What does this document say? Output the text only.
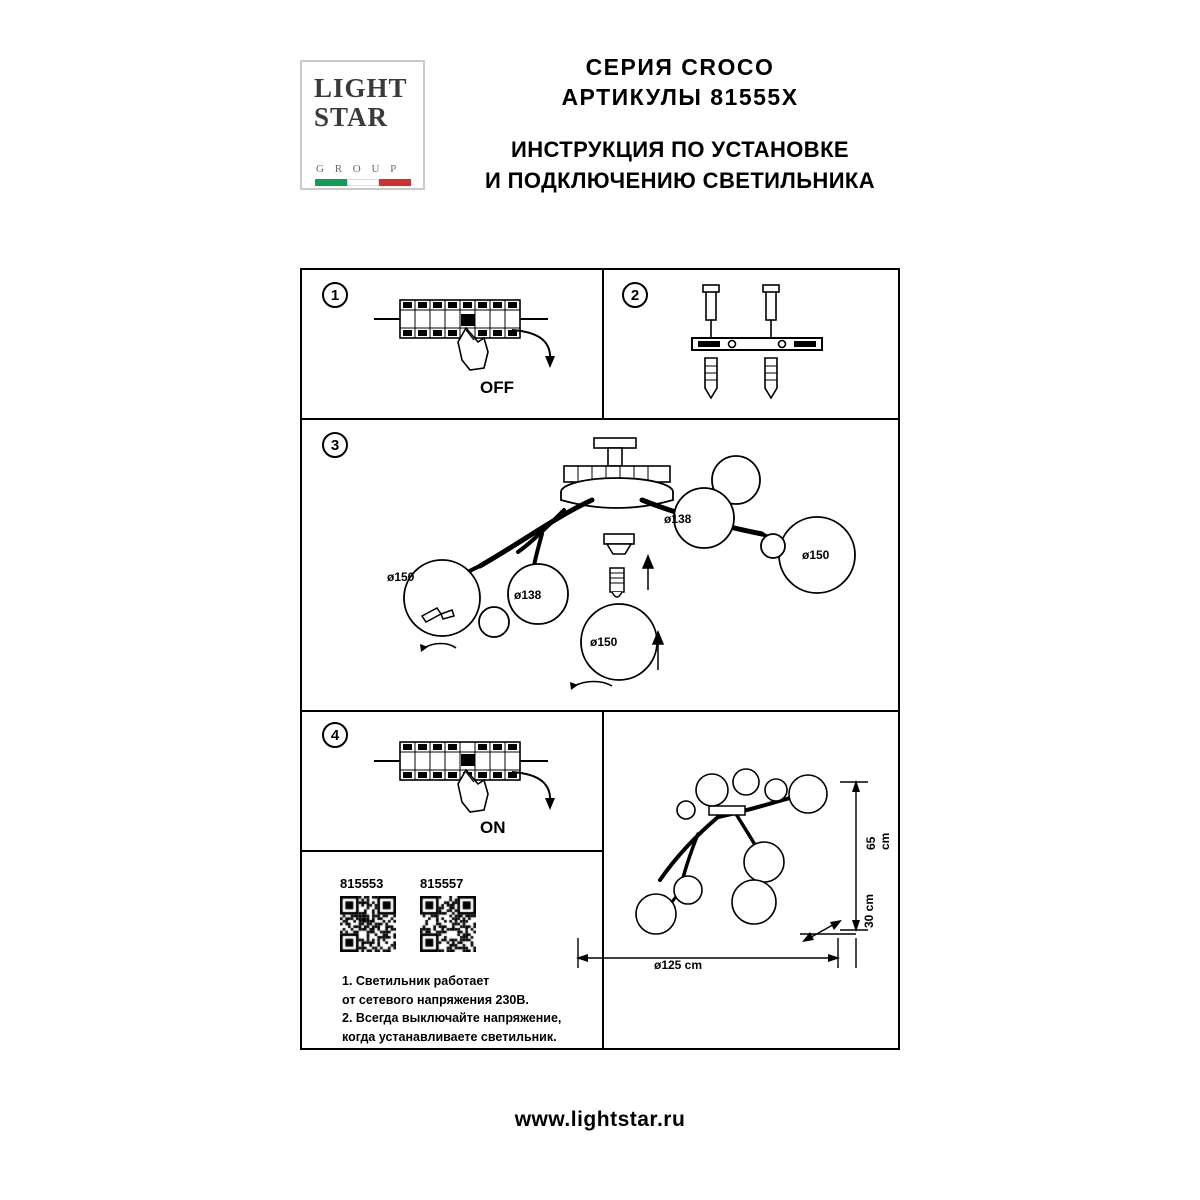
LIGHT
STAR
G R O U P
СЕРИЯ CROCO
АРТИКУЛЫ 81555X
ИНСТРУКЦИЯ ПО УСТАНОВКЕ
И ПОДКЛЮЧЕНИЮ СВЕТИЛЬНИКА
1
OFF
2
3
ø150
ø138
ø138
ø150
ø150
4
ON
65 cm
30 cm
ø125 cm
815553	815557
1. Светильник работает
от сетевого напряжения 230В.
2. Всегда выключайте напряжение,
когда устанавливаете светильник.
www.lightstar.ru
